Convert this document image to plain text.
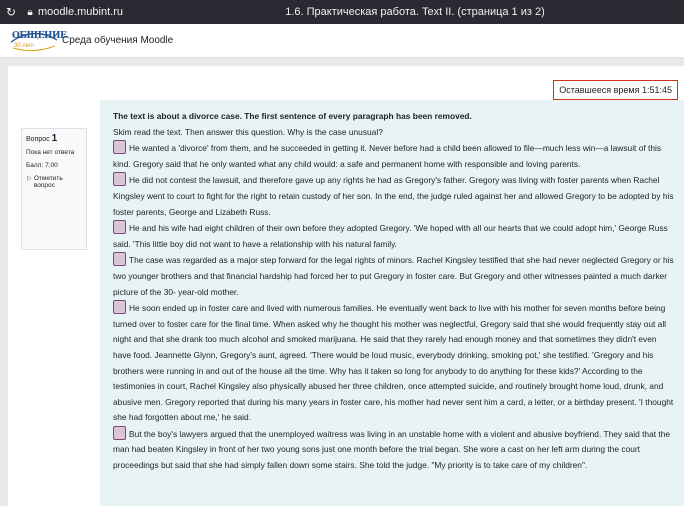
↻	🔒︎ moodle.mubint.ru	1.6. Практическая работа. Text II. (страница 1 из 2)
ОБЩЕНИЕ
30 лет	Среда обучения Moodle
Оставшееся время 1:51:45
Вопрос 1
Пока нет ответа
Балл: 7,00
⚐ Отметить вопрос
The text is about a divorce case. The first sentence of every paragraph has been removed.
Skim read the text. Then answer this question. Why is the case unusual?
He wanted a 'divorce' from them, and he succeeded in getting it. Never before had a child been allowed to file—much less win—a lawsuit of this kind. Gregory said that he only wanted what any child would: a safe and permanent home with responsible and loving parents.
He did not contest the lawsuit, and therefore gave up any rights he had as Gregory's father. Gregory was living with foster parents when Rachel Kingsley went to court to fight for the right to retain custody of her son. In the end, the judge ruled against her and allowed Gregory to be adopted by his foster parents, George and Lizabeth Russ.
He and his wife had eight children of their own before they adopted Gregory. 'We hoped with all our hearts that we could adopt him,' George Russ said. 'This little boy did not want to have a relationship with his natural family.
The case was regarded as a major step forward for the legal rights of minors. Rachel Kingsley testified that she had never neglected Gregory or his two younger brothers and that financial hardship had forced her to put Gregory in foster care. But Gregory and other witnesses painted a much darker picture of the 30- year-old mother.
He soon ended up in foster care and lived with numerous families. He eventually went back to live with his mother for seven months before being turned over to foster care for the final time. When asked why he thought his mother was neglectful, Gregory said that she would frequently stay out all night and that she drank too much alcohol and smoked marijuana. He said that they rarely had enough money and that sometimes they didn't even have food. Jeannette Glynn, Gregory's aunt, agreed. 'There would be loud music, everybody drinking, smoking pot,' she testified. 'Gregory and his brothers were running in and out of the house all the time. Why has it taken so long for anybody to do anything for these kids?' According to the testimonies in court, Rachel Kingsley also physically abused her three children, once attempted suicide, and routinely brought home loud, drunk, and abusive men. Gregory reported that during his many years in foster care, his mother had never sent him a card, a letter, or a birthday present. 'I thought she had forgotten about me,' he said.
But the boy's lawyers argued that the unemployed waitress was living in an unstable home with a violent and abusive boyfriend. They said that the man had beaten Kingsley in front of her two young sons just one month before the trial began. She wore a cast on her left arm during the court proceedings but said that she had simply fallen down some stairs. She told the judge. "My priority is to take care of my children".
